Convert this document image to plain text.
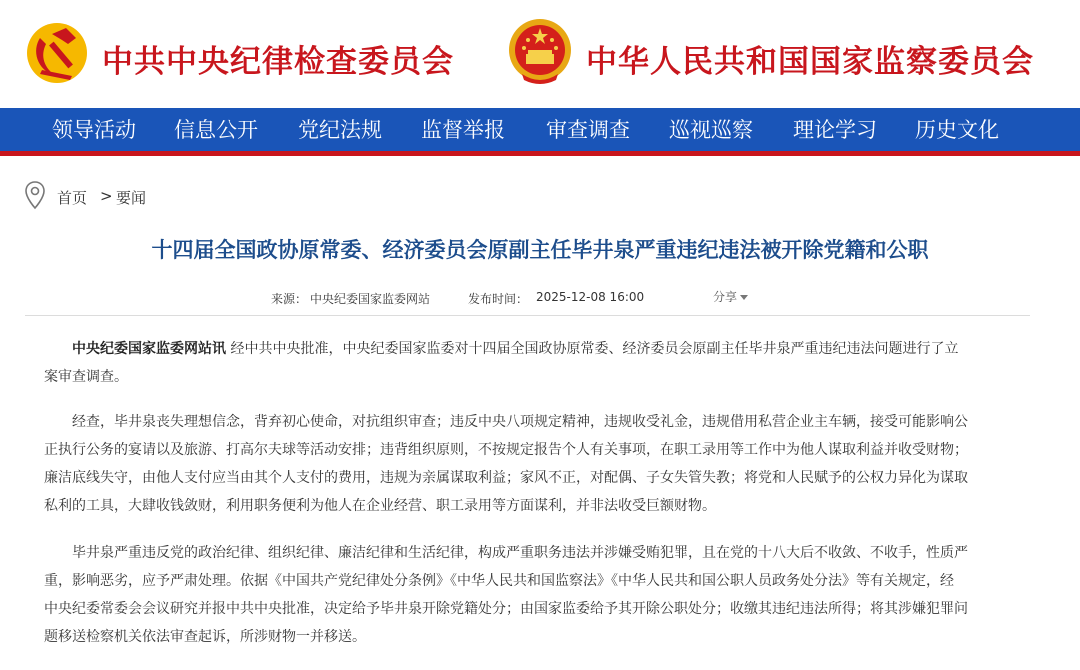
中共中央纪律检查委员会	中华人民共和国国家监察委员会
领导活动 信息公开 党纪法规 监督举报 审查调查 巡视巡察 理论学习 历史文化
首页 > 要闻
十四届全国政协原常委、经济委员会原副主任毕井泉严重违纪违法被开除党籍和公职
来源： 中央纪委国家监委网站	发布时间： 2025-12-08 16:00	分享
中央纪委国家监委网站讯 经中共中央批准，中央纪委国家监委对十四届全国政协原常委、经济委员会原副主任毕井泉严重违纪违法问题进行了立
案审查调查。
经查，毕井泉丧失理想信念，背弃初心使命，对抗组织审查；违反中央八项规定精神，违规收受礼金，违规借用私营企业主车辆，接受可能影响公
正执行公务的宴请以及旅游、打高尔夫球等活动安排；违背组织原则，不按规定报告个人有关事项，在职工录用等工作中为他人谋取利益并收受财物；
廉洁底线失守，由他人支付应当由其个人支付的费用，违规为亲属谋取利益；家风不正，对配偶、子女失管失教；将党和人民赋予的公权力异化为谋取
私利的工具，大肆收钱敛财，利用职务便利为他人在企业经营、职工录用等方面谋利，并非法收受巨额财物。
毕井泉严重违反党的政治纪律、组织纪律、廉洁纪律和生活纪律，构成严重职务违法并涉嫌受贿犯罪，且在党的十八大后不收敛、不收手，性质严
重，影响恶劣，应予严肃处理。依据《中国共产党纪律处分条例》《中华人民共和国监察法》《中华人民共和国公职人员政务处分法》等有关规定，经
中央纪委常委会会议研究并报中共中央批准，决定给予毕井泉开除党籍处分；由国家监委给予其开除公职处分；收缴其违纪违法所得；将其涉嫌犯罪问
题移送检察机关依法审查起诉，所涉财物一并移送。
